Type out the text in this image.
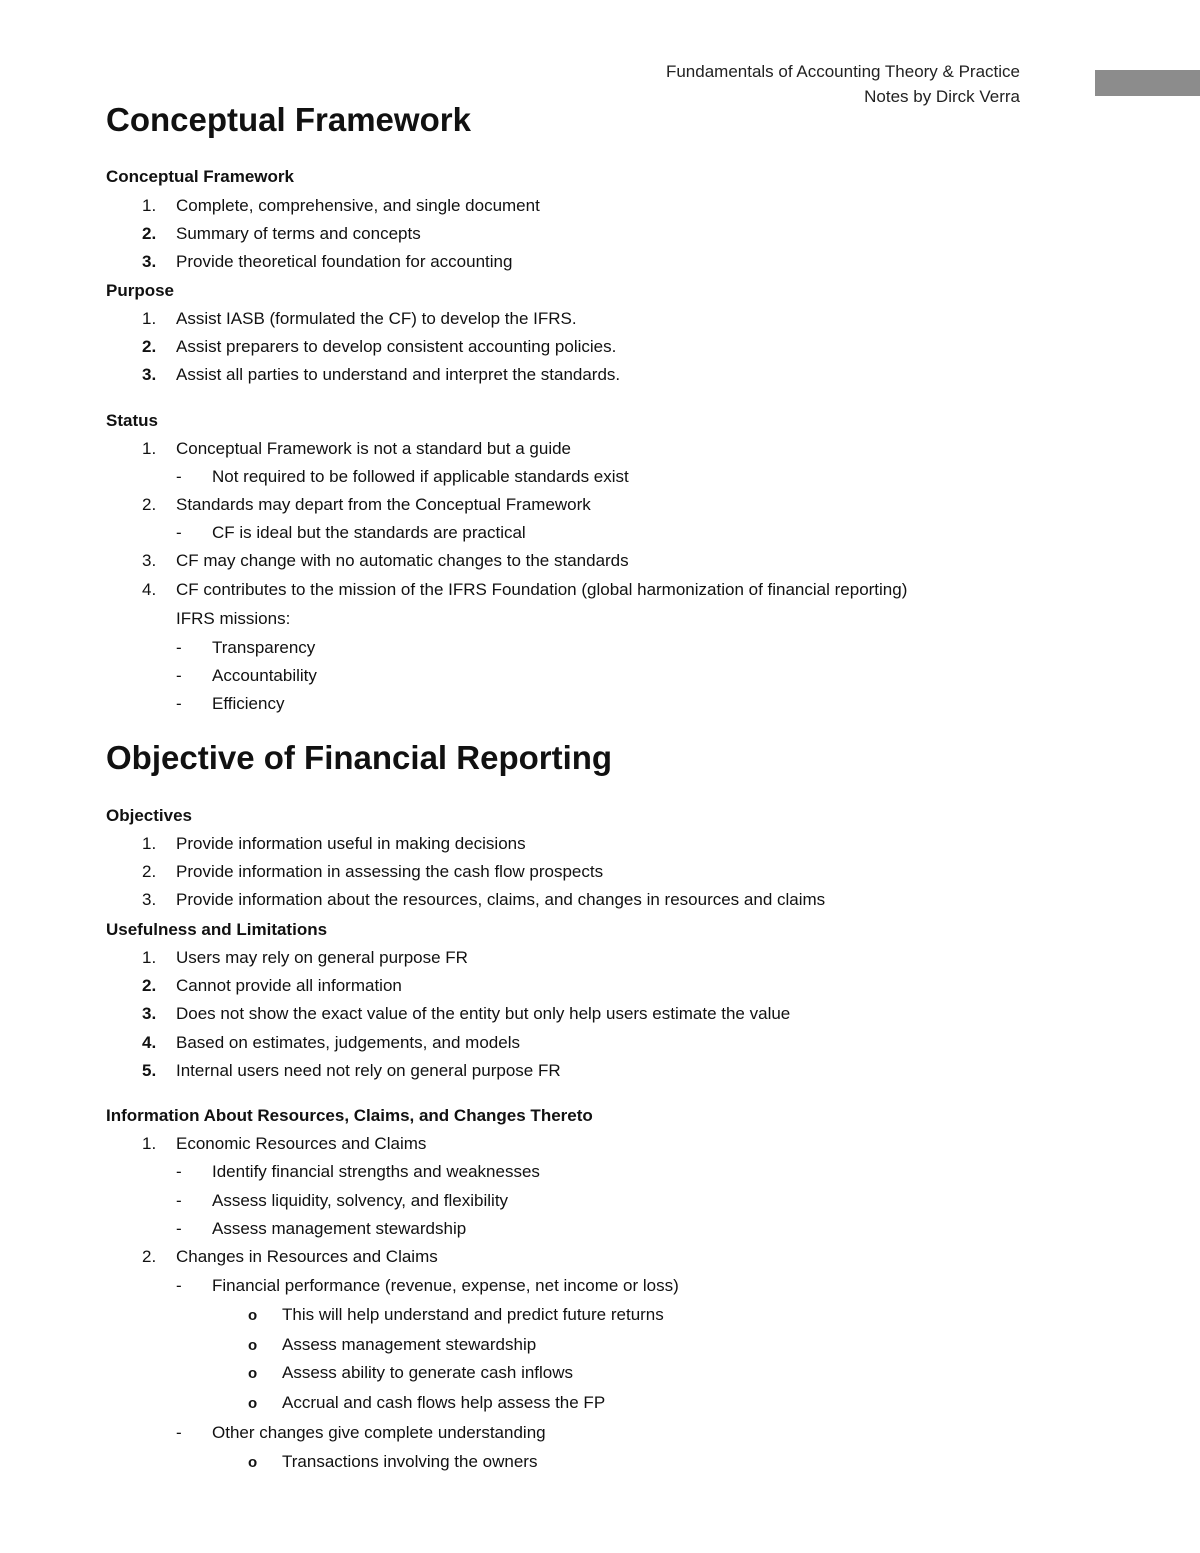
Fundamentals of Accounting Theory & Practice
Notes by Dirck Verra
Conceptual Framework
Conceptual Framework
1.	Complete, comprehensive, and single document
2.	Summary of terms and concepts
3.	Provide theoretical foundation for accounting
Purpose
1.	Assist IASB (formulated the CF) to develop the IFRS.
2.	Assist preparers to develop consistent accounting policies.
3.	Assist all parties to understand and interpret the standards.
Status
1.	Conceptual Framework is not a standard but a guide
- Not required to be followed if applicable standards exist
2.	Standards may depart from the Conceptual Framework
- CF is ideal but the standards are practical
3.	CF may change with no automatic changes to the standards
4.	CF contributes to the mission of the IFRS Foundation (global harmonization of financial reporting)
IFRS missions:
- Transparency
- Accountability
- Efficiency
Objective of Financial Reporting
Objectives
1.	Provide information useful in making decisions
2.	Provide information in assessing the cash flow prospects
3.	Provide information about the resources, claims, and changes in resources and claims
Usefulness and Limitations
1.	Users may rely on general purpose FR
2.	Cannot provide all information
3.	Does not show the exact value of the entity but only help users estimate the value
4.	Based on estimates, judgements, and models
5.	Internal users need not rely on general purpose FR
Information About Resources, Claims, and Changes Thereto
1.	Economic Resources and Claims
- Identify financial strengths and weaknesses
- Assess liquidity, solvency, and flexibility
- Assess management stewardship
2.	Changes in Resources and Claims
- Financial performance (revenue, expense, net income or loss)
o This will help understand and predict future returns
o Assess management stewardship
o Assess ability to generate cash inflows
o Accrual and cash flows help assess the FP
- Other changes give complete understanding
o Transactions involving the owners
